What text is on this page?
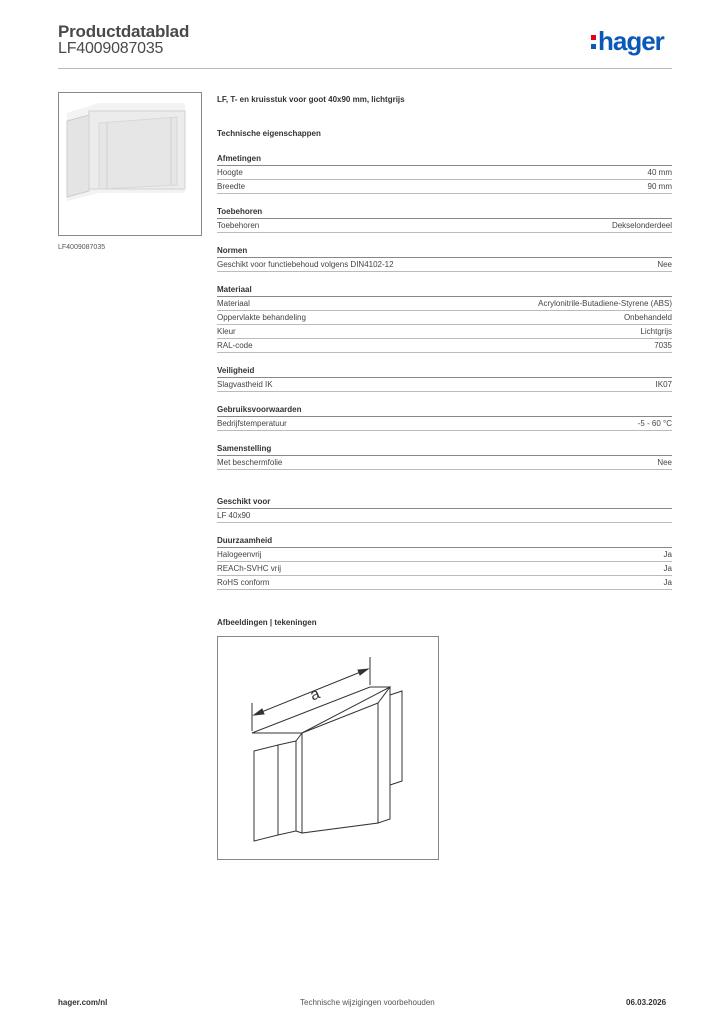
Productdatablad
LF4009087035	hager
LF4009087035
LF, T- en kruisstuk voor goot 40x90 mm, lichtgrijs
Technische eigenschappen
Afmetingen
Hoogte	40 mm
Breedte	90 mm
Toebehoren
Toebehoren	Dekselonderdeel
Normen
Geschikt voor functiebehoud volgens DIN4102-12	Nee
Materiaal
Materiaal	Acrylonitrile-Butadiene-Styrene (ABS)
Oppervlakte behandeling	Onbehandeld
Kleur	Lichtgrijs
RAL-code	7035
Veiligheid
Slagvastheid IK	IK07
Gebruiksvoorwaarden
Bedrijfstemperatuur	-5 - 60 °C
Samenstelling
Met beschermfolie	Nee
Geschikt voor
LF 40x90
Duurzaamheid
Halogeenvrij	Ja
REACh-SVHC vrij	Ja
RoHS conform	Ja
Afbeeldingen | tekeningen
a
hager.com/nl	Technische wijzigingen voorbehouden	06.03.2026
